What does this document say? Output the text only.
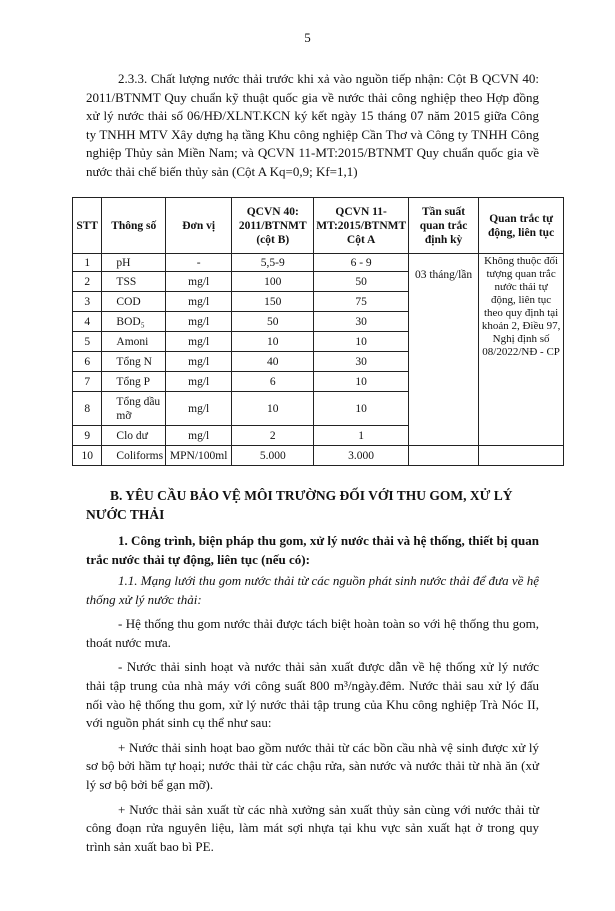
5

2.3.3. Chất lượng nước thải trước khi xả vào nguồn tiếp nhận: Cột B QCVN 40: 2011/BTNMT Quy chuẩn kỹ thuật quốc gia về nước thải công nghiệp theo Hợp đồng xử lý nước thải số 06/HĐ/XLNT.KCN ký kết ngày 15 tháng 07 năm 2015 giữa Công ty TNHH MTV Xây dựng hạ tầng Khu công nghiệp Cần Thơ và Công ty TNHH Công nghiệp Thủy sản Miền Nam; và QCVN 11-MT:2015/BTNMT Quy chuẩn quốc gia về nước thải chế biến thủy sản (Cột A Kq=0,9; Kf=1,1)

STT	Thông số	Đơn vị	QCVN 40: 2011/BTNMT (cột B)	QCVN 11-MT:2015/BTNMT Cột A	Tần suất quan trắc định kỳ	Quan trắc tự động, liên tục
1	pH	-	5,5-9	6 - 9	03 tháng/lần	Không thuộc đối tượng quan trắc nước thải tự động, liên tục theo quy định tại khoản 2, Điều 97, Nghị định số 08/2022/NĐ - CP
2	TSS	mg/l	100	50		
3	COD	mg/l	150	75		
4	BOD₅	mg/l	50	30		
5	Amoni	mg/l	10	10		
6	Tổng N	mg/l	40	30		
7	Tổng P	mg/l	6	10		
8	Tổng dầu mỡ	mg/l	10	10		
9	Clo dư	mg/l	2	1		
10	Coliforms	MPN/100ml	5.000	3.000		
B. YÊU CẦU BẢO VỆ MÔI TRƯỜNG ĐỐI VỚI THU GOM, XỬ LÝ NƯỚC THẢI
1. Công trình, biện pháp thu gom, xử lý nước thải và hệ thống, thiết bị quan trắc nước thải tự động, liên tục (nếu có):

1.1. Mạng lưới thu gom nước thải từ các nguồn phát sinh nước thải để đưa về hệ thống xử lý nước thải:

- Hệ thống thu gom nước thải được tách biệt hoàn toàn so với hệ thống thu gom, thoát nước mưa.

- Nước thải sinh hoạt và nước thải sản xuất được dẫn về hệ thống xử lý nước thải tập trung của nhà máy với công suất 800 m³/ngày.đêm. Nước thải sau xử lý đấu nối vào hệ thống thu gom, xử lý nước thải tập trung của Khu công nghiệp Trà Nóc II, với nguồn phát sinh cụ thể như sau:

+ Nước thải sinh hoạt bao gồm nước thải từ các bồn cầu nhà vệ sinh được xử lý sơ bộ bởi hầm tự hoại; nước thải từ các chậu rửa, sàn nước và nước thải từ nhà ăn (xử lý sơ bộ bởi bể gạn mỡ).

+ Nước thải sản xuất từ các nhà xưởng sản xuất thủy sản cùng với nước thải từ công đoạn rửa nguyên liệu, làm mát sợi nhựa tại khu vực sản xuất hạt ở trong quy trình sản xuất bao bì PE.
